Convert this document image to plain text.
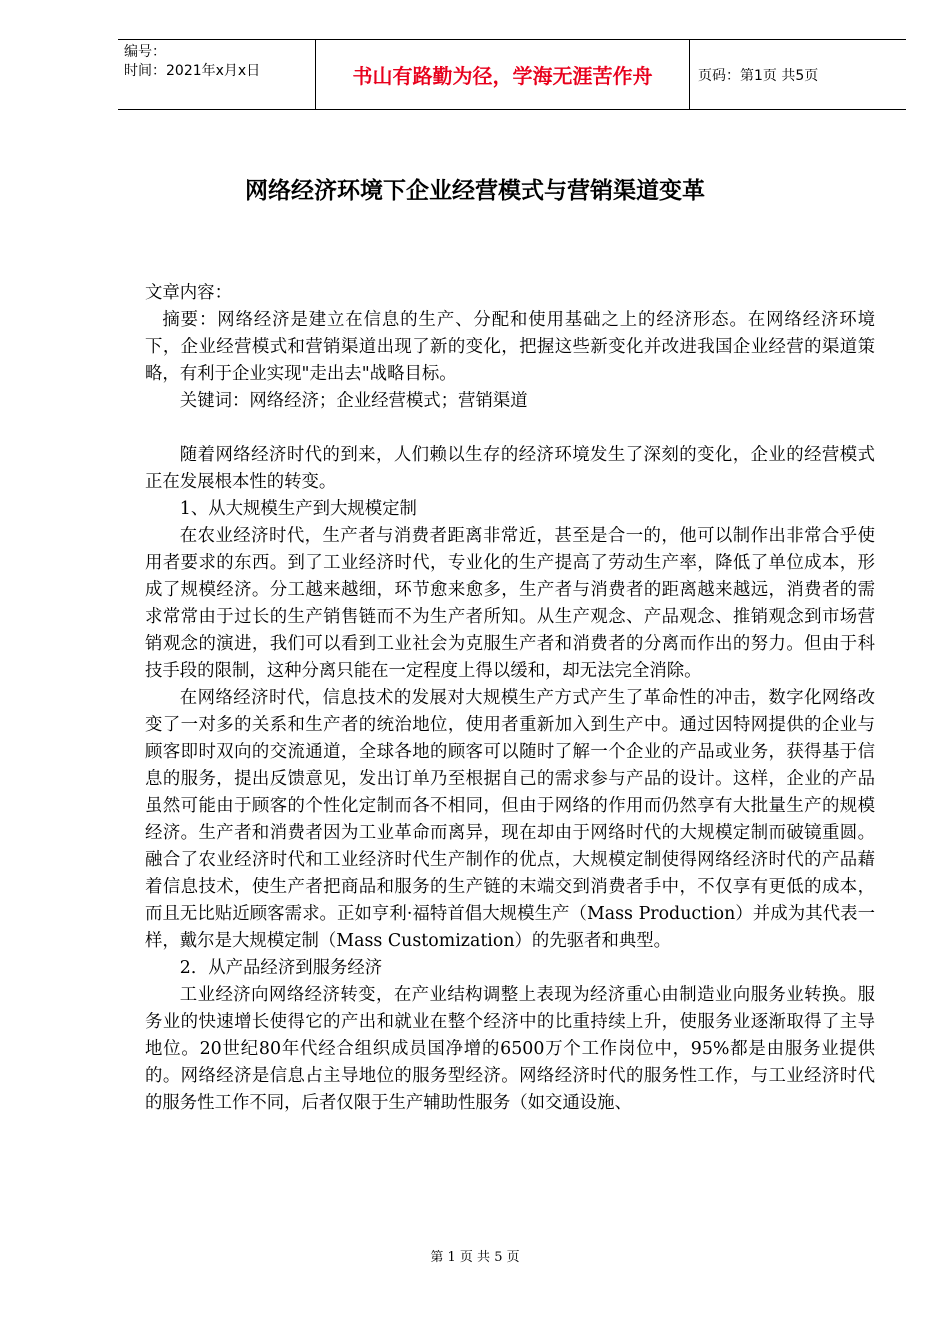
编号：
时间：2021年x月x日	书山有路勤为径，学海无涯苦作舟	页码：第1页 共5页
网络经济环境下企业经营模式与营销渠道变革

文章内容：

摘要：网络经济是建立在信息的生产、分配和使用基础之上的经济形态。在网络经济环境下，企业经营模式和营销渠道出现了新的变化，把握这些新变化并改进我国企业经营的渠道策略，有利于企业实现"走出去"战略目标。

关键词：网络经济；企业经营模式；营销渠道

随着网络经济时代的到来，人们赖以生存的经济环境发生了深刻的变化，企业的经营模式正在发展根本性的转变。

1、从大规模生产到大规模定制

在农业经济时代，生产者与消费者距离非常近，甚至是合一的，他可以制作出非常合乎使用者要求的东西。到了工业经济时代，专业化的生产提高了劳动生产率，降低了单位成本，形成了规模经济。分工越来越细，环节愈来愈多，生产者与消费者的距离越来越远，消费者的需求常常由于过长的生产销售链而不为生产者所知。从生产观念、产品观念、推销观念到市场营销观念的演进，我们可以看到工业社会为克服生产者和消费者的分离而作出的努力。但由于科技手段的限制，这种分离只能在一定程度上得以缓和，却无法完全消除。

在网络经济时代，信息技术的发展对大规模生产方式产生了革命性的冲击，数字化网络改变了一对多的关系和生产者的统治地位，使用者重新加入到生产中。通过因特网提供的企业与顾客即时双向的交流通道，全球各地的顾客可以随时了解一个企业的产品或业务，获得基于信息的服务，提出反馈意见，发出订单乃至根据自己的需求参与产品的设计。这样，企业的产品虽然可能由于顾客的个性化定制而各不相同，但由于网络的作用而仍然享有大批量生产的规模经济。生产者和消费者因为工业革命而离异，现在却由于网络时代的大规模定制而破镜重圆。融合了农业经济时代和工业经济时代生产制作的优点，大规模定制使得网络经济时代的产品藉着信息技术，使生产者把商品和服务的生产链的末端交到消费者手中，不仅享有更低的成本，而且无比贴近顾客需求。正如亨利·福特首倡大规模生产（Mass Production）并成为其代表一样，戴尔是大规模定制（Mass Customization）的先驱者和典型。

2．从产品经济到服务经济

工业经济向网络经济转变，在产业结构调整上表现为经济重心由制造业向服务业转换。服务业的快速增长使得它的产出和就业在整个经济中的比重持续上升，使服务业逐渐取得了主导地位。20世纪80年代经合组织成员国净增的6500万个工作岗位中，95%都是由服务业提供的。网络经济是信息占主导地位的服务型经济。网络经济时代的服务性工作，与工业经济时代的服务性工作不同，后者仅限于生产辅助性服务（如交通设施、

第 1 页 共 5 页
